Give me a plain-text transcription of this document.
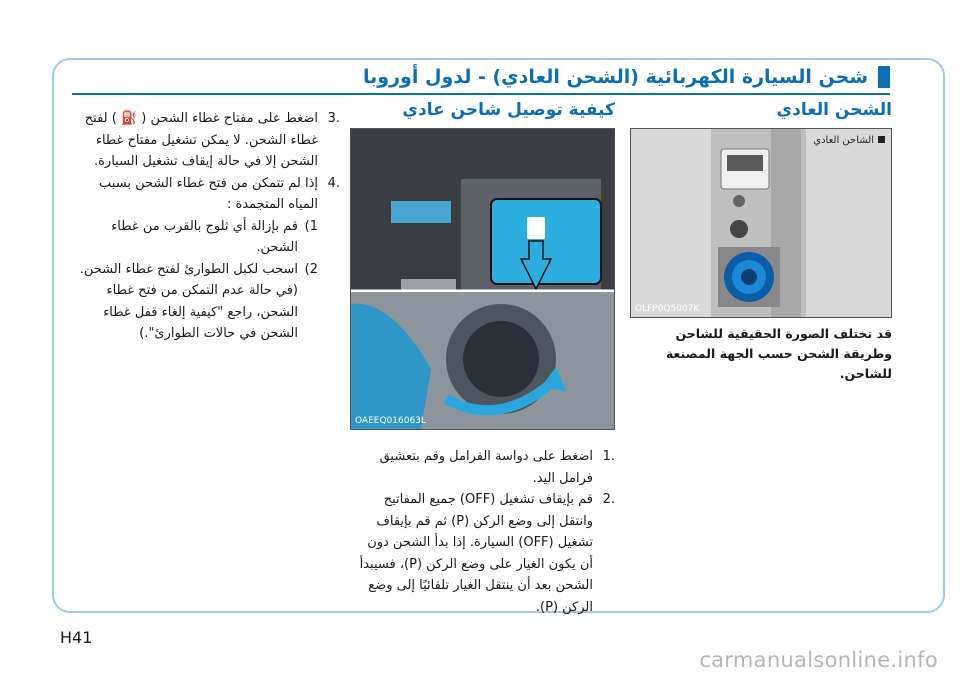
شحن السيارة الكهربائية (الشحن العادي) - لدول أوروبا
الشحن العادي
الشاحن العادي
OLFP0Q5007K
قد تختلف الصورة الحقيقية للشاحن وطريقة الشحن حسب الجهة المصنعة للشاحن.
كيفية توصيل شاحن عادي
OAEEQ016063L
.1
اضغط على دواسة الفرامل وقم بتعشيق فرامل اليد.
.2
قم بإيقاف تشغيل (OFF) جميع المفاتيح وانتقل إلى وضع الركن (P) ثم قم بإيقاف تشغيل (OFF) السيارة. إذا بدأ الشحن دون أن يكون الغيار على وضع الركن (P)، فسيبدأ الشحن بعد أن ينتقل الغيار تلقائيًا إلى وضع الركن (P).
.3
اضغط على مفتاح غطاء الشحن ( ⛽ ) لفتح غطاء الشحن. لا يمكن تشغيل مفتاح غطاء الشحن إلا في حالة إيقاف تشغيل السيارة.
.4
إذا لم تتمكن من فتح غطاء الشحن بسبب المياه المتجمدة :
1)
قم بإزالة أي ثلوج بالقرب من غطاء الشحن.
2)
اسحب لكبل الطوارئ لفتح غطاء الشحن. (في حالة عدم التمكن من فتح غطاء الشحن، راجع "كيفية إلغاء قفل غطاء الشحن في حالات الطوارئ".)
H41
carmanualsonline.info
